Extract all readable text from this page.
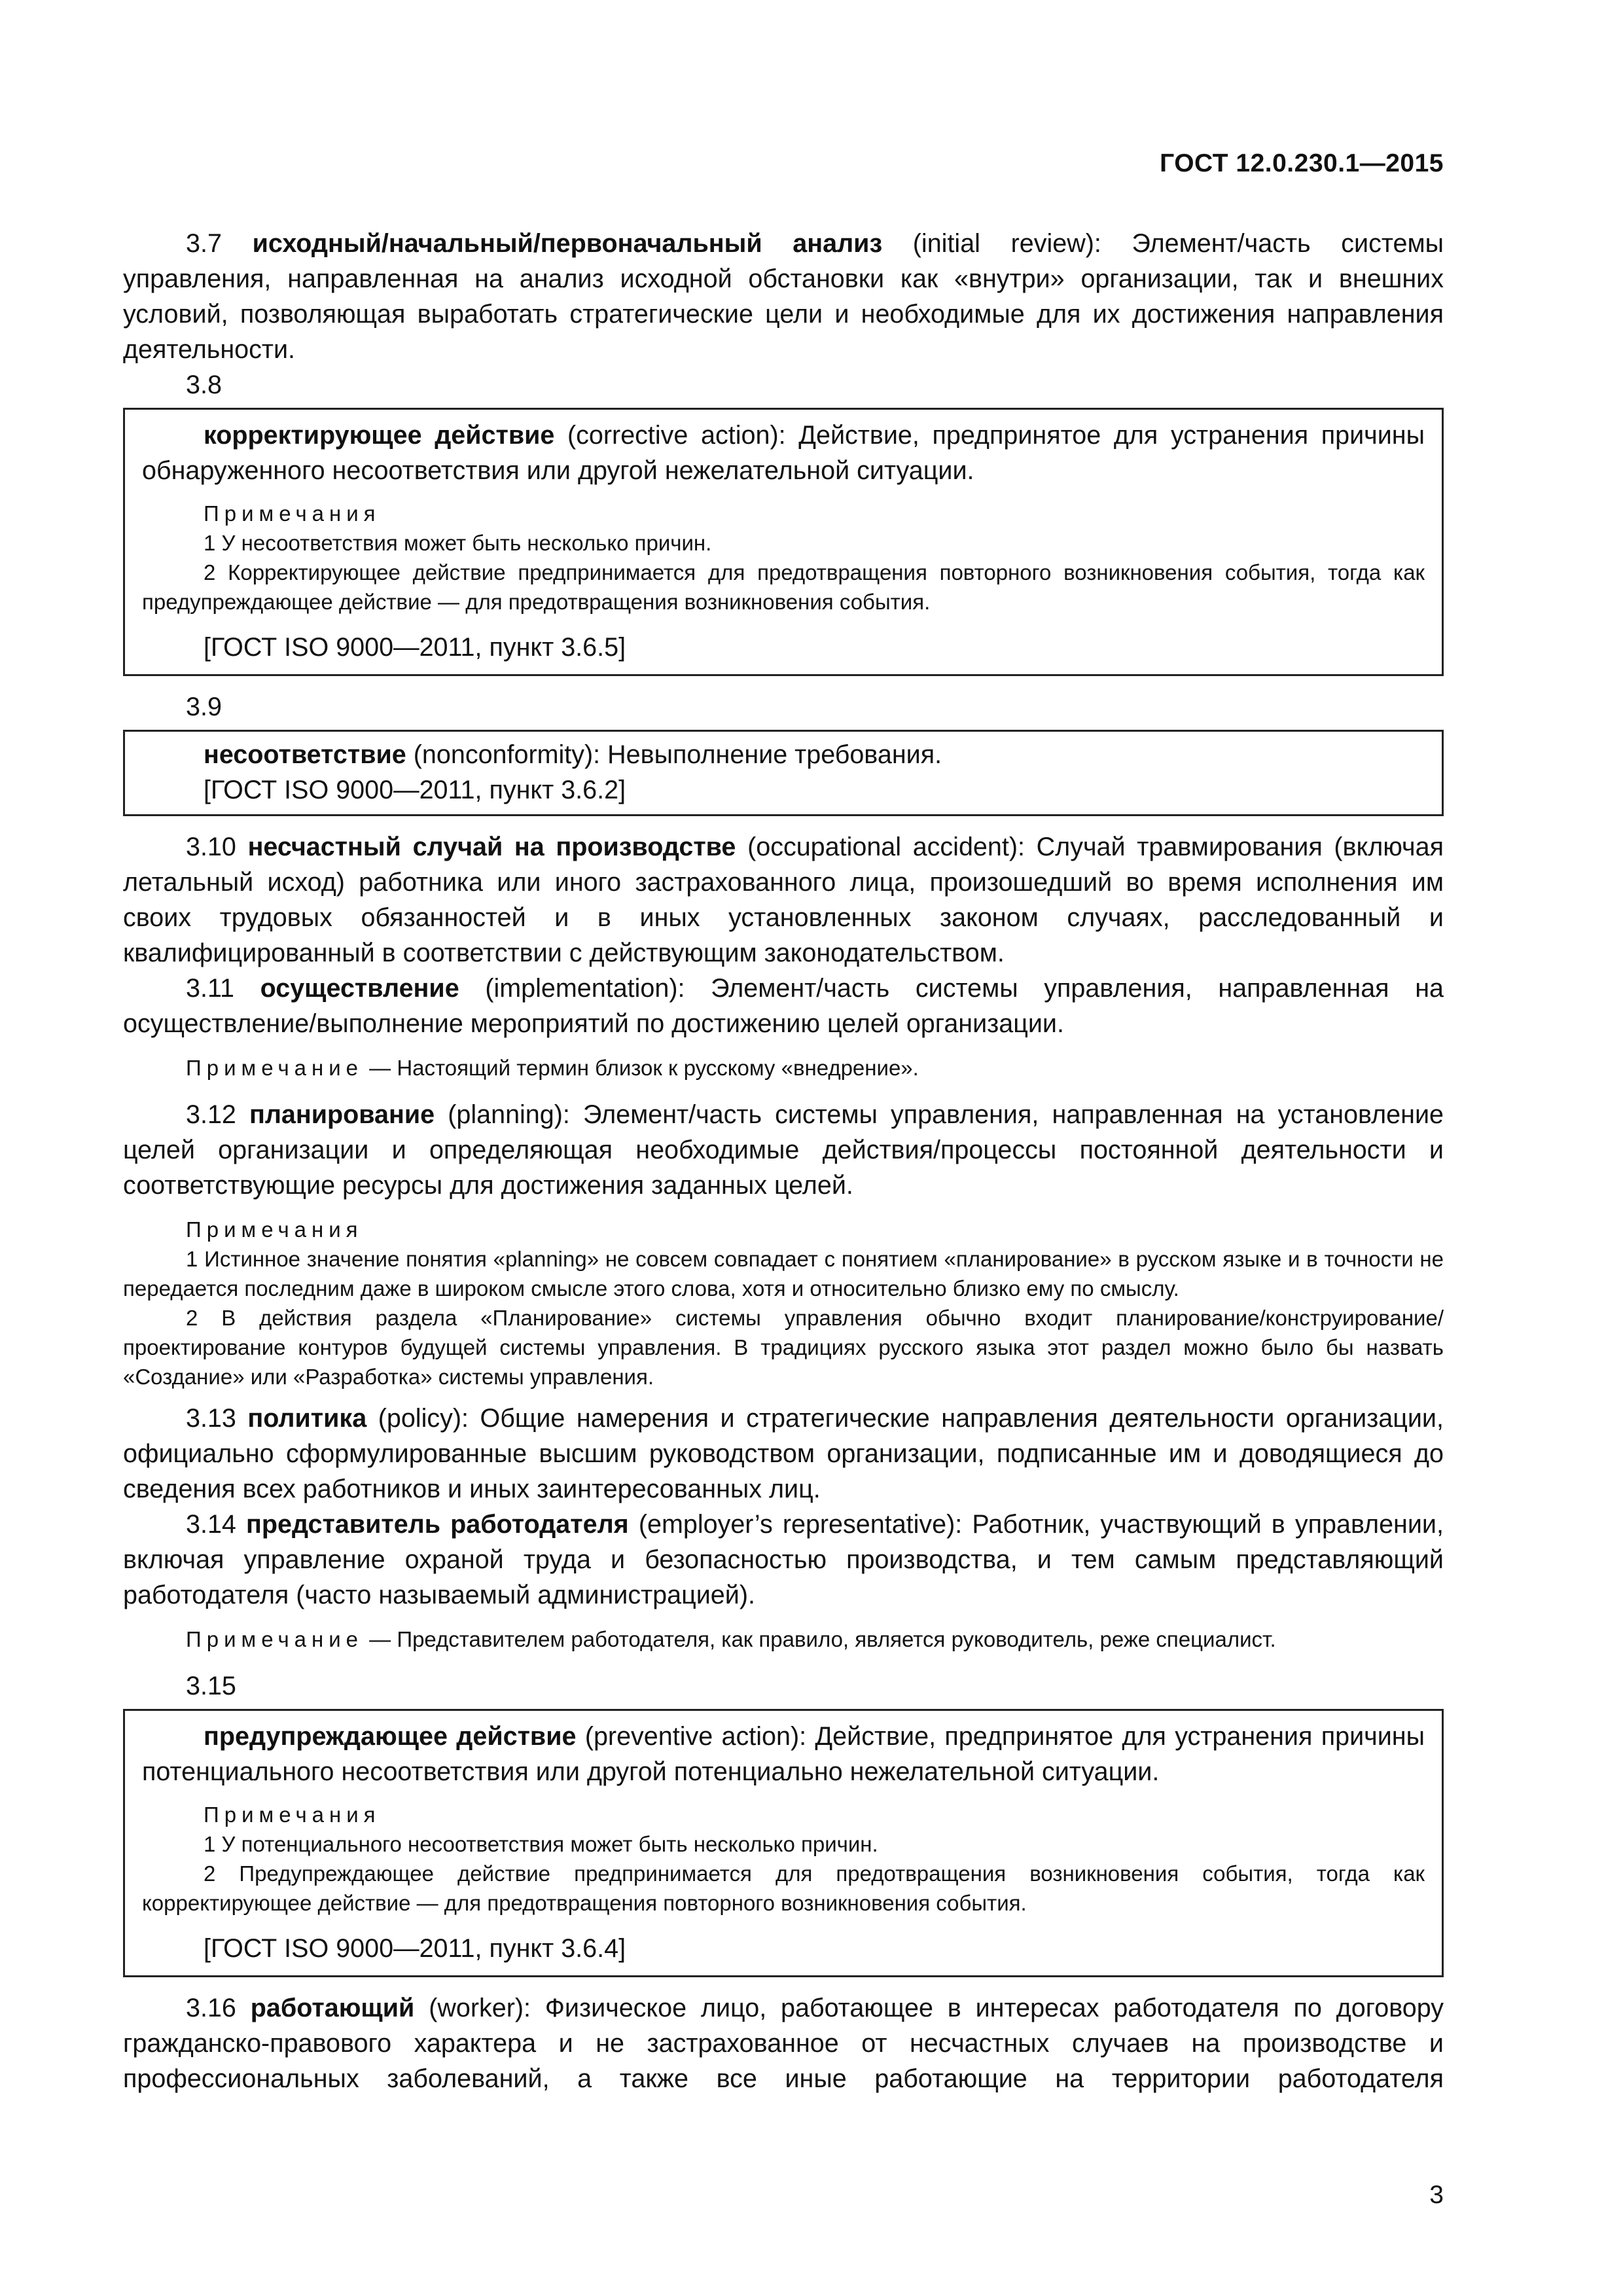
ГОСТ 12.0.230.1—2015

3.7 исходный/начальный/первоначальный анализ (initial review): Элемент/часть системы управления, направленная на анализ исходной обстановки как «внутри» организации, так и внешних условий, позволяющая выработать стратегические цели и необходимые для их достижения направления деятельности.

3.8

корректирующее действие (corrective action): Действие, предпринятое для устранения причины обнаруженного несоответствия или другой нежелательной ситуации.

Примечания

1 У несоответствия может быть несколько причин.

2 Корректирующее действие предпринимается для предотвращения повторного возникновения события, тогда как предупреждающее действие — для предотвращения возникновения события.

[ГОСТ ISO 9000—2011, пункт 3.6.5]

3.9

несоответствие (nonconformity): Невыполнение требования.

[ГОСТ ISO 9000—2011, пункт 3.6.2]

3.10 несчастный случай на производстве (occupational accident): Случай травмирования (включая летальный исход) работника или иного застрахованного лица, произошедший во время исполнения им своих трудовых обязанностей и в иных установленных законом случаях, расследованный и квалифицированный в соответствии с действующим законодательством.

3.11 осуществление (implementation): Элемент/часть системы управления, направленная на осуществление/выполнение мероприятий по достижению целей организации.

Примечание — Настоящий термин близок к русскому «внедрение».

3.12 планирование (planning): Элемент/часть системы управления, направленная на установление целей организации и определяющая необходимые действия/процессы постоянной деятельности и соответствующие ресурсы для достижения заданных целей.

Примечания

1 Истинное значение понятия «planning» не совсем совпадает с понятием «планирование» в русском языке и в точности не передается последним даже в широком смысле этого слова, хотя и относительно близко ему по смыслу.

2 В действия раздела «Планирование» системы управления обычно входит планирование/конструирование/проектирование контуров будущей системы управления. В традициях русского языка этот раздел можно было бы назвать «Создание» или «Разработка» системы управления.

3.13 политика (policy): Общие намерения и стратегические направления деятельности организации, официально сформулированные высшим руководством организации, подписанные им и доводящиеся до сведения всех работников и иных заинтересованных лиц.

3.14 представитель работодателя (employer’s representative): Работник, участвующий в управлении, включая управление охраной труда и безопасностью производства, и тем самым представляющий работодателя (часто называемый администрацией).

Примечание — Представителем работодателя, как правило, является руководитель, реже специалист.

3.15

предупреждающее действие (preventive action): Действие, предпринятое для устранения причины потенциального несоответствия или другой потенциально нежелательной ситуации.

Примечания

1 У потенциального несоответствия может быть несколько причин.

2 Предупреждающее действие предпринимается для предотвращения возникновения события, тогда как корректирующее действие — для предотвращения повторного возникновения события.

[ГОСТ ISO 9000—2011, пункт 3.6.4]

3.16 работающий (worker): Физическое лицо, работающее в интересах работодателя по договору гражданско-правового характера и не застрахованное от несчастных случаев на производстве и профессиональных заболеваний, а также все иные работающие на территории работодателя

3
